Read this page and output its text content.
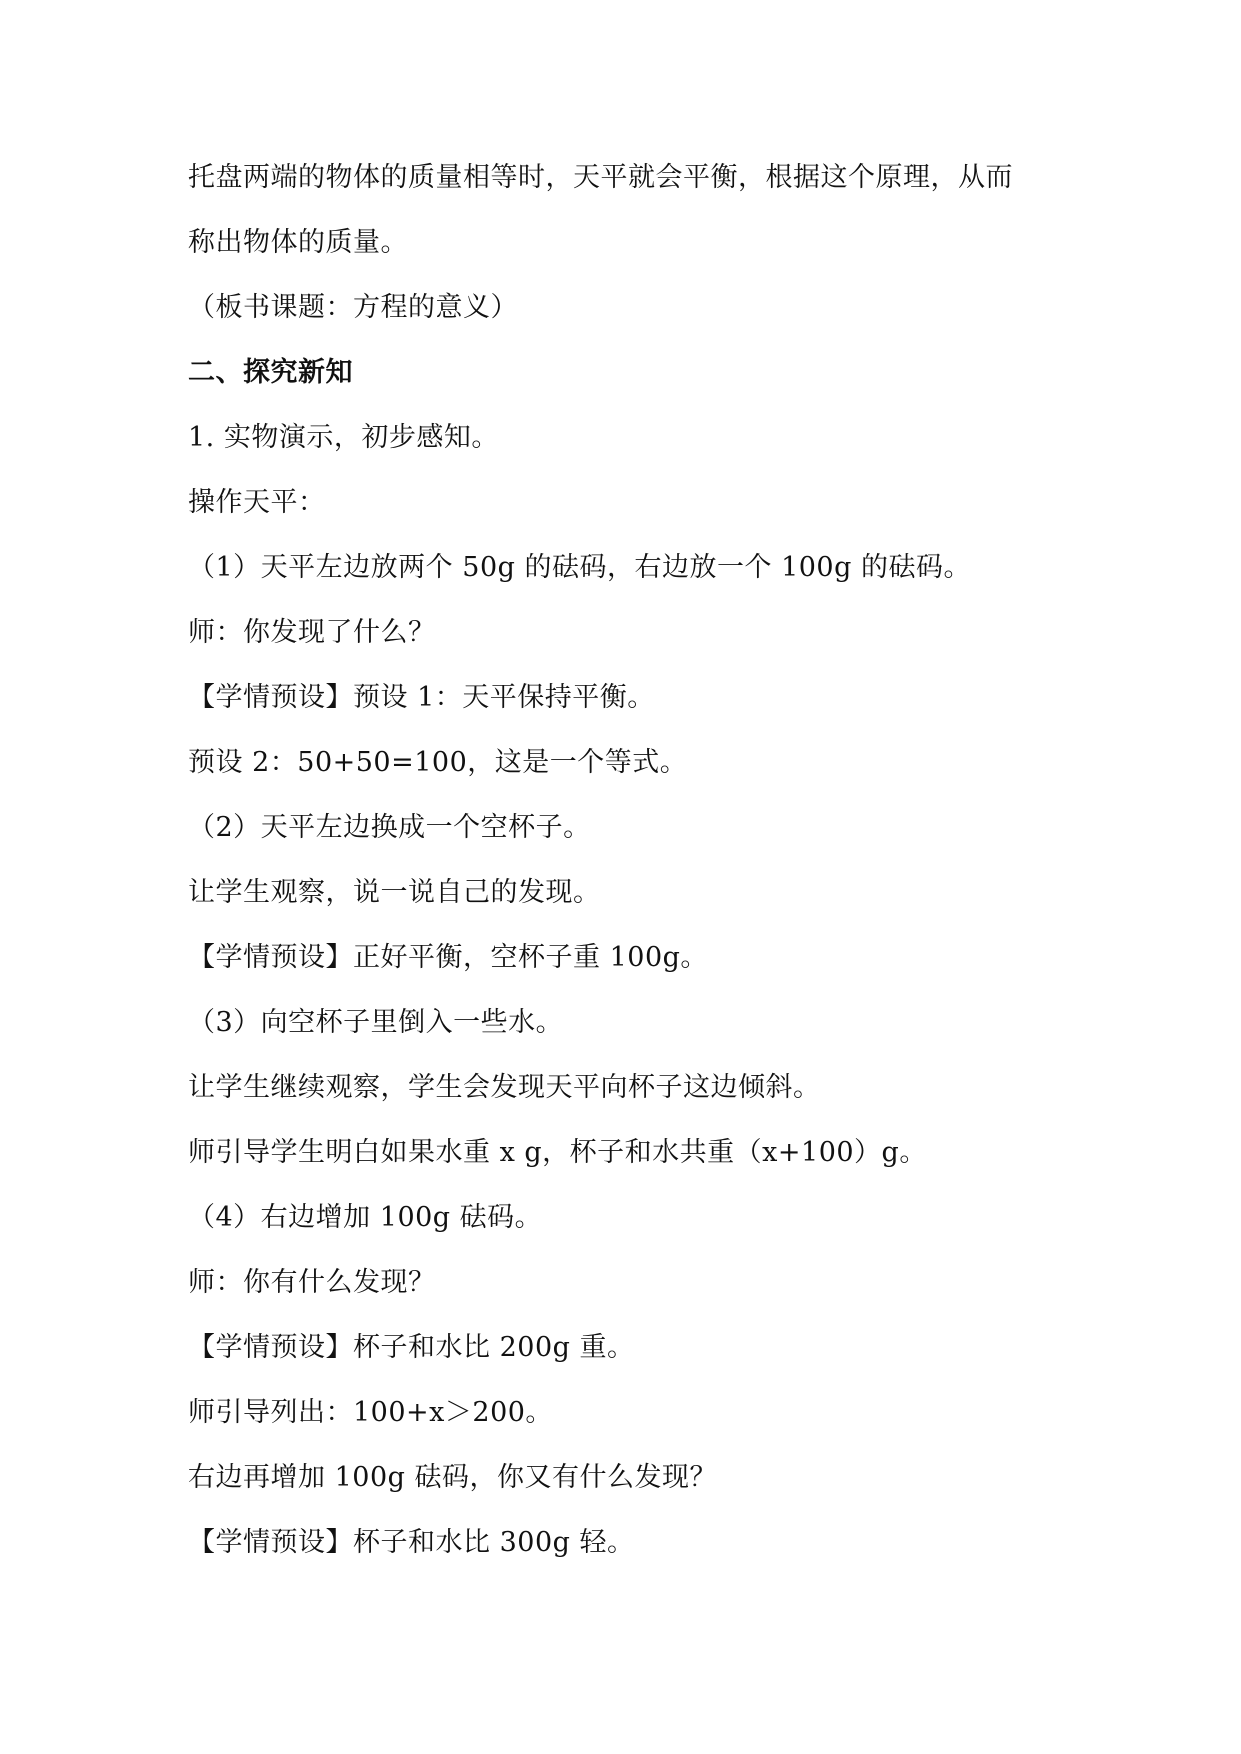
托盘两端的物体的质量相等时，天平就会平衡，根据这个原理，从而
称出物体的质量。
（板书课题：方程的意义）
二、探究新知
1. 实物演示，初步感知。
操作天平：
（1）天平左边放两个 50g 的砝码，右边放一个 100g 的砝码。
师：你发现了什么？
【学情预设】预设 1：天平保持平衡。
预设 2：50+50=100，这是一个等式。
（2）天平左边换成一个空杯子。
让学生观察，说一说自己的发现。
【学情预设】正好平衡，空杯子重 100g。
（3）向空杯子里倒入一些水。
让学生继续观察，学生会发现天平向杯子这边倾斜。
师引导学生明白如果水重 x g，杯子和水共重（x+100）g。
（4）右边增加 100g 砝码。
师：你有什么发现？
【学情预设】杯子和水比 200g 重。
师引导列出：100+x＞200。
右边再增加 100g 砝码，你又有什么发现？
【学情预设】杯子和水比 300g 轻。
